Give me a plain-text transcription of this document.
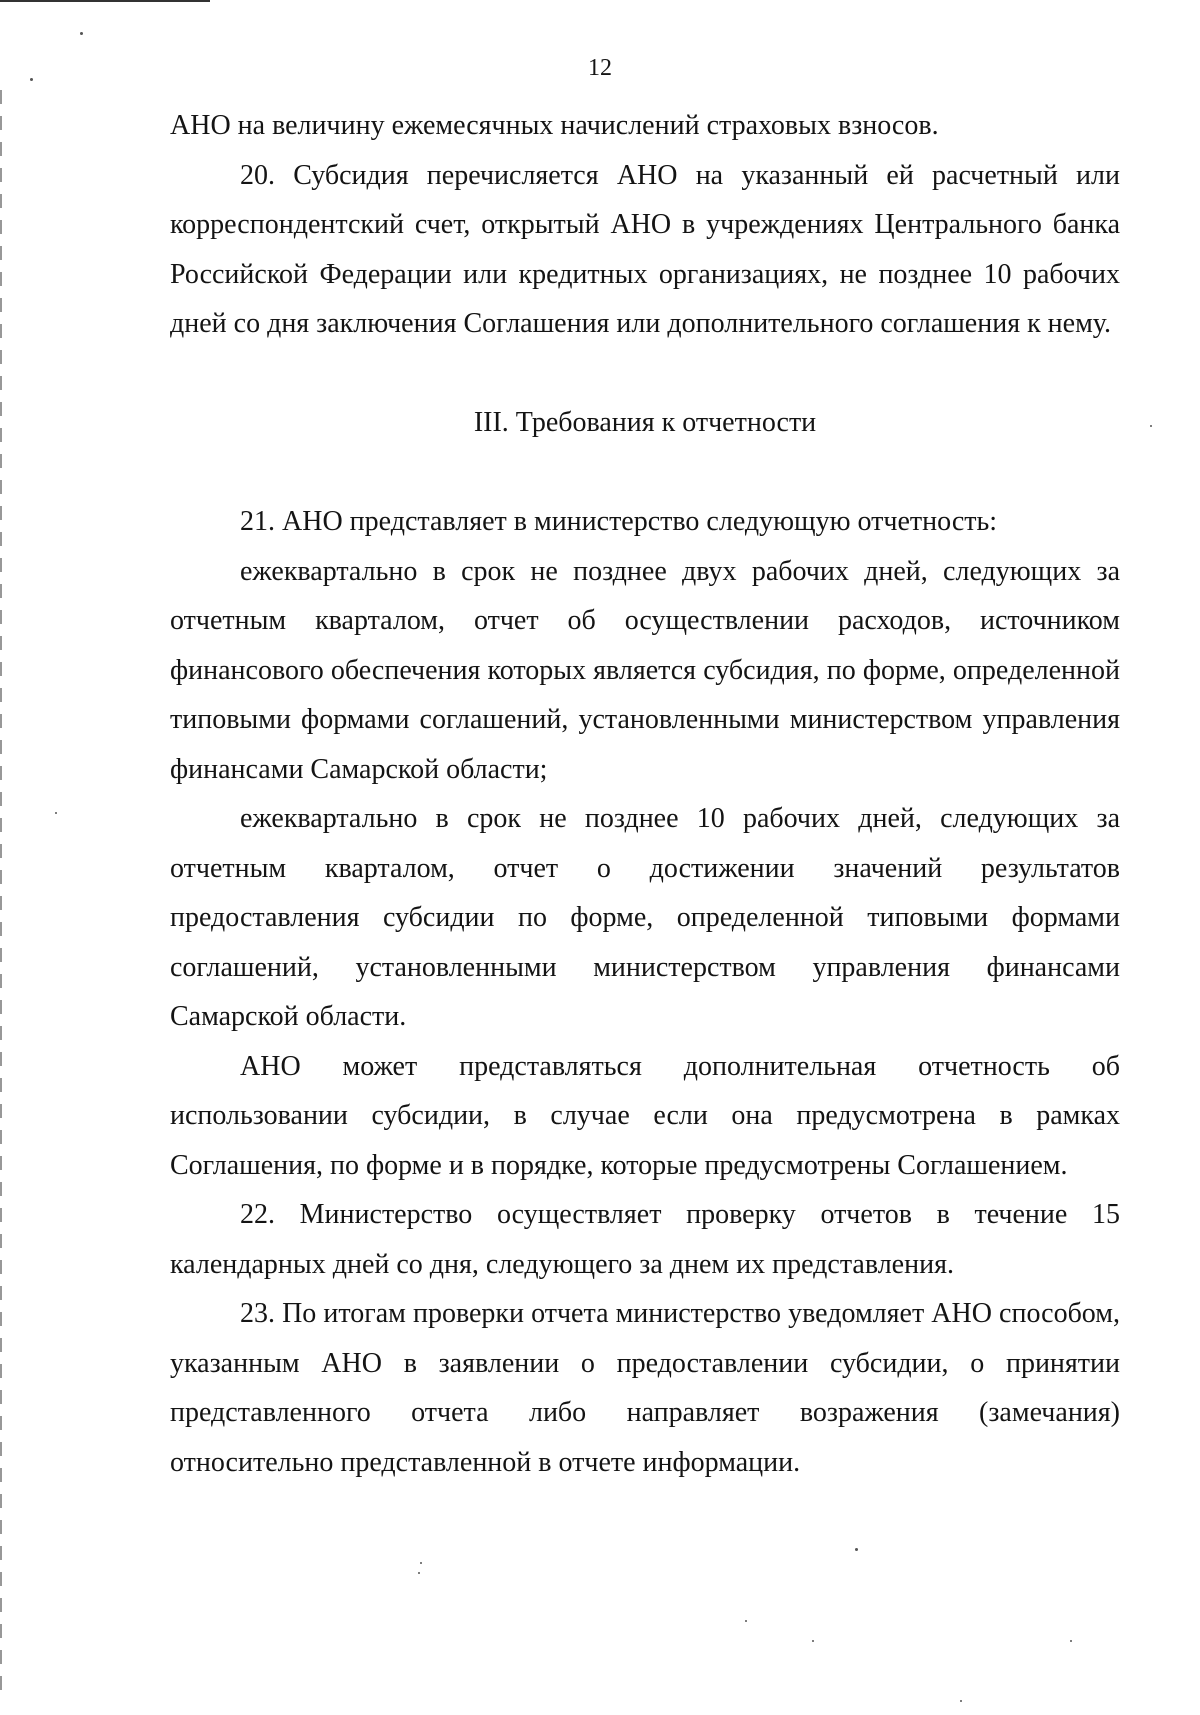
12

АНО на величину ежемесячных начислений страховых взносов.

20. Субсидия перечисляется АНО на указанный ей расчетный или корреспондентский счет, открытый АНО в учреждениях Центрального банка Российской Федерации или кредитных организациях, не позднее 10 рабочих дней со дня заключения Соглашения или дополнительного соглашения к нему.

III. Требования к отчетности

21. АНО представляет в министерство следующую отчетность:

ежеквартально в срок не позднее двух рабочих дней, следующих за отчетным кварталом, отчет об осуществлении расходов, источником финансового обеспечения которых является субсидия, по форме, определенной типовыми формами соглашений, установленными министерством управления финансами Самарской области;

ежеквартально в срок не позднее 10 рабочих дней, следующих за отчетным кварталом, отчет о достижении значений результатов предоставления субсидии по форме, определенной типовыми формами соглашений, установленными министерством управления финансами Самарской области.

АНО может представляться дополнительная отчетность об использовании субсидии, в случае если она предусмотрена в рамках Соглашения, по форме и в порядке, которые предусмотрены Соглашением.

22. Министерство осуществляет проверку отчетов в течение 15 календарных дней со дня, следующего за днем их представления.

23. По итогам проверки отчета министерство уведомляет АНО способом, указанным АНО в заявлении о предоставлении субсидии, о принятии представленного отчета либо направляет возражения (замечания) относительно представленной в отчете информации.
